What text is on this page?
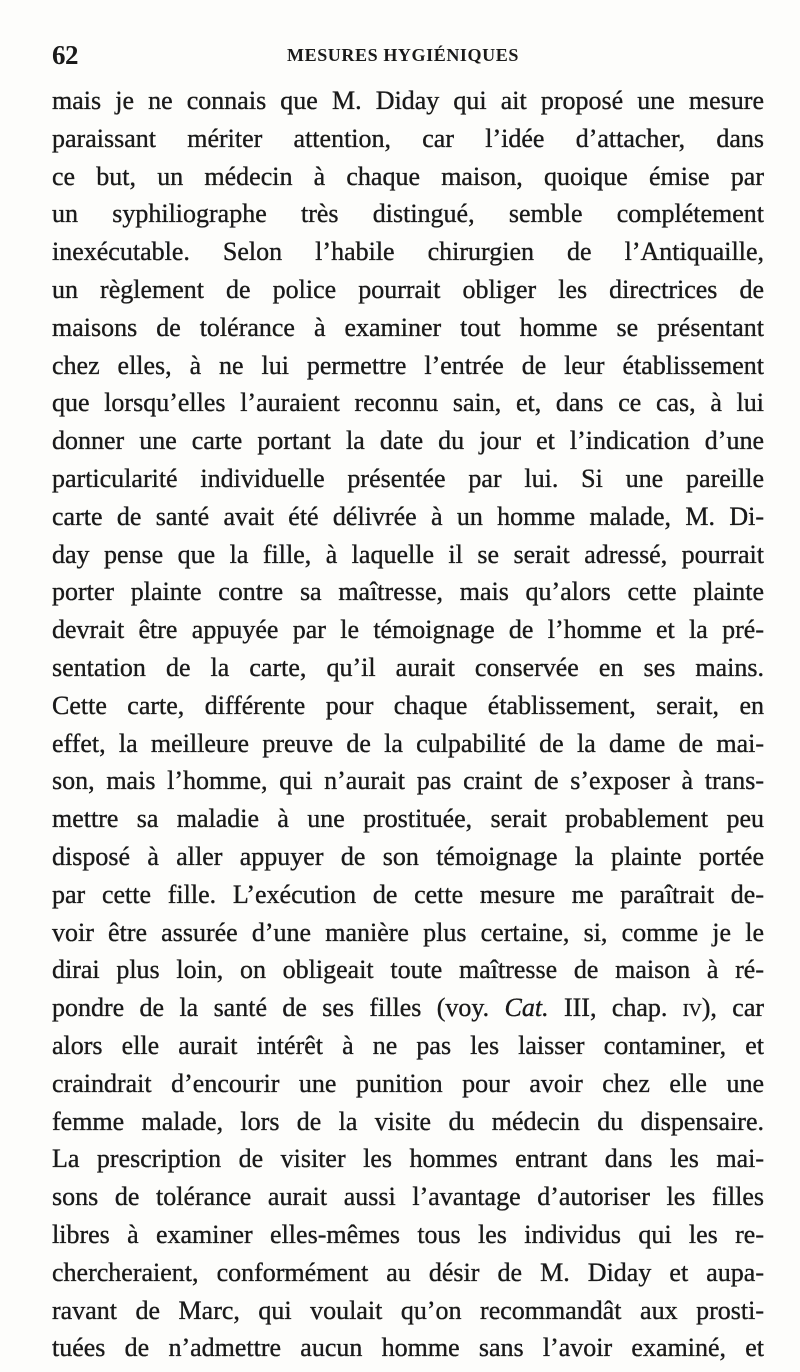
62	MESURES HYGIÉNIQUES
mais je ne connais que M. Diday qui ait proposé une mesure
paraissant mériter attention, car l’idée d’attacher, dans
ce but, un médecin à chaque maison, quoique émise par
un syphiliographe très distingué, semble complétement
inexécutable. Selon l’habile chirurgien de l’Antiquaille,
un règlement de police pourrait obliger les directrices de
maisons de tolérance à examiner tout homme se présentant
chez elles, à ne lui permettre l’entrée de leur établissement
que lorsqu’elles l’auraient reconnu sain, et, dans ce cas, à lui
donner une carte portant la date du jour et l’indication d’une
particularité individuelle présentée par lui. Si une pareille
carte de santé avait été délivrée à un homme malade, M. Di-
day pense que la fille, à laquelle il se serait adressé, pourrait
porter plainte contre sa maîtresse, mais qu’alors cette plainte
devrait être appuyée par le témoignage de l’homme et la pré-
sentation de la carte, qu’il aurait conservée en ses mains.
Cette carte, différente pour chaque établissement, serait, en
effet, la meilleure preuve de la culpabilité de la dame de mai-
son, mais l’homme, qui n’aurait pas craint de s’exposer à trans-
mettre sa maladie à une prostituée, serait probablement peu
disposé à aller appuyer de son témoignage la plainte portée
par cette fille. L’exécution de cette mesure me paraîtrait de-
voir être assurée d’une manière plus certaine, si, comme je le
dirai plus loin, on obligeait toute maîtresse de maison à ré-
pondre de la santé de ses filles (voy. Cat. III, chap. iv), car
alors elle aurait intérêt à ne pas les laisser contaminer, et
craindrait d’encourir une punition pour avoir chez elle une
femme malade, lors de la visite du médecin du dispensaire.
La prescription de visiter les hommes entrant dans les mai-
sons de tolérance aurait aussi l’avantage d’autoriser les filles
libres à examiner elles-mêmes tous les individus qui les re-
chercheraient, conformément au désir de M. Diday et aupa-
ravant de Marc, qui voulait qu’on recommandât aux prosti-
tuées de n’admettre aucun homme sans l’avoir examiné, et
